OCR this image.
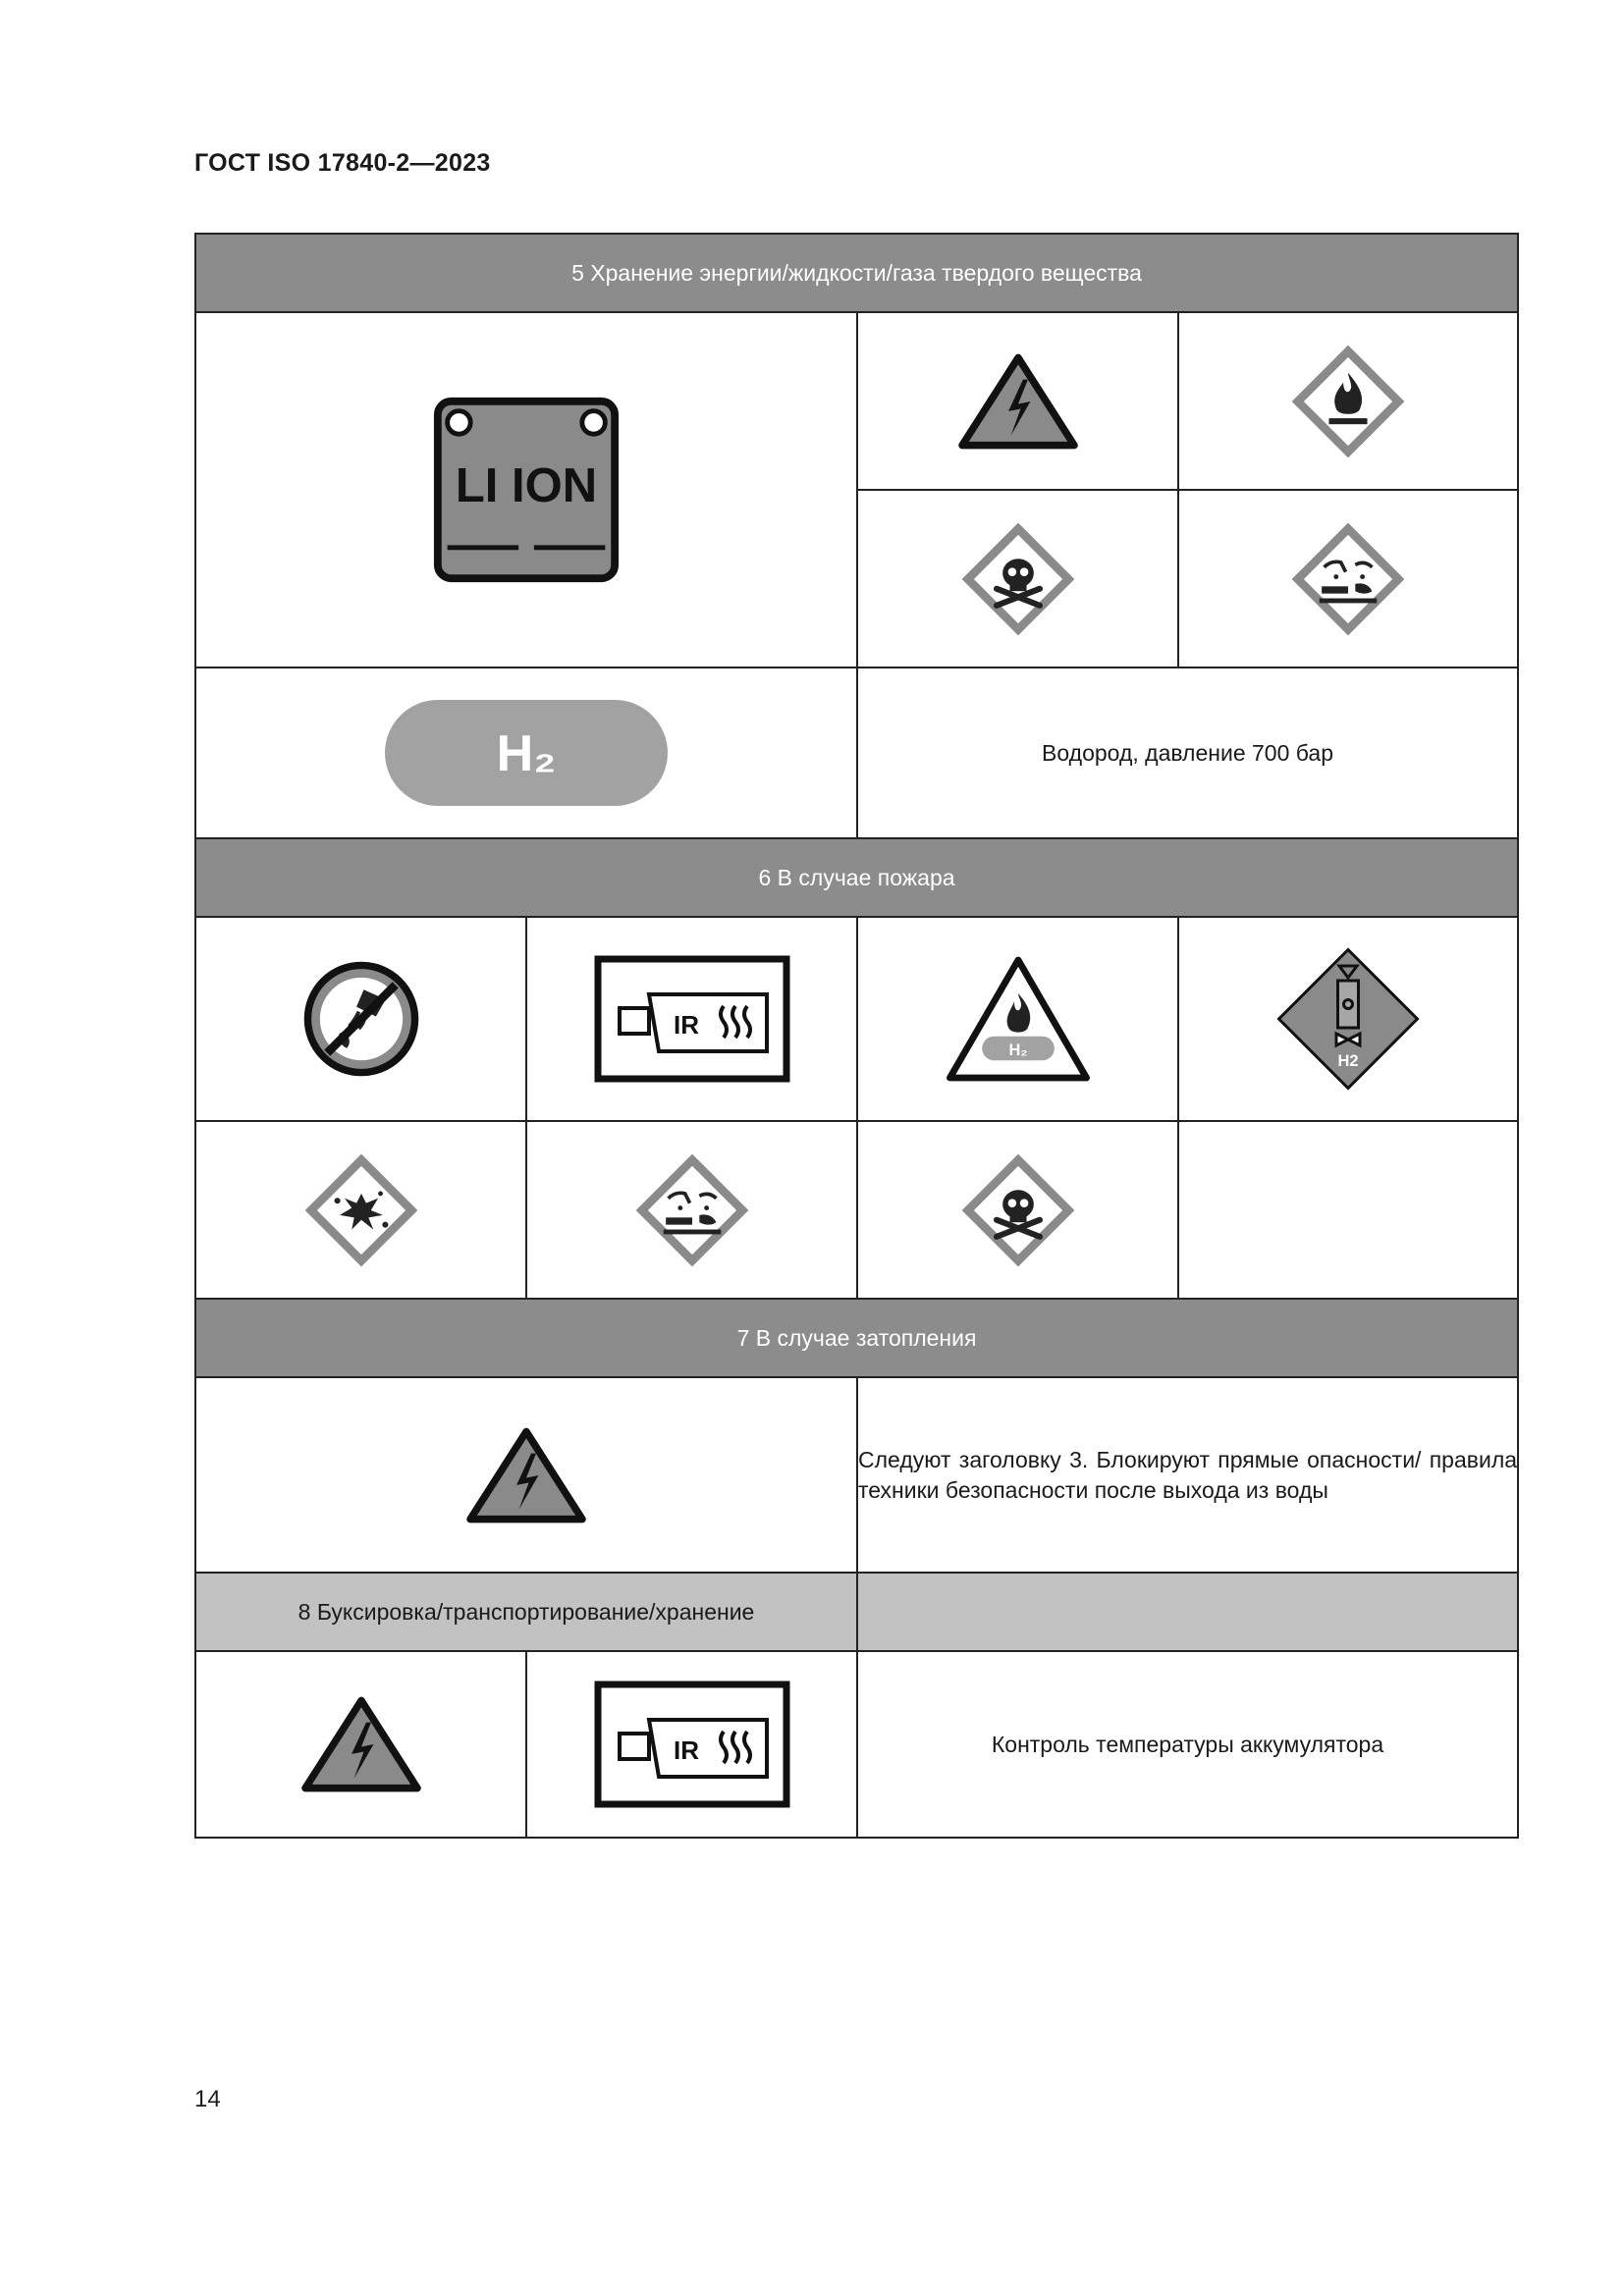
ГОСТ ISO 17840-2—2023
5 Хранение энергии/жидкости/газа твердого вещества			

LI ION

H₂		Водород, давление 700 бар	
6 В случае пожара			

IR	H₂	H2

7 В случае затопления			

	Следуют заголовку 3. Блокируют прямые опасности/ правила техники безопасности после выхода из воды	
8 Буксировка/транспортирование/хранение			

IR	Контроль температуры аккумулятора	
14
